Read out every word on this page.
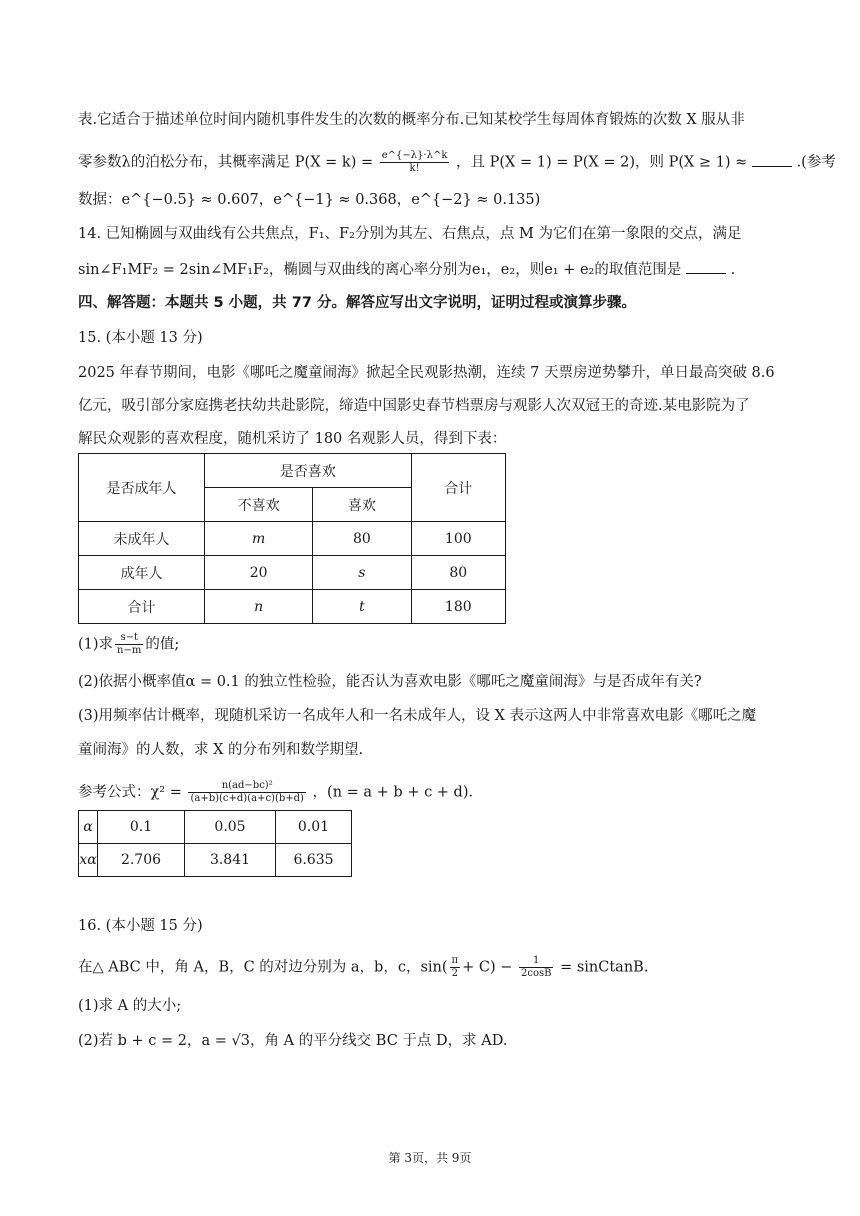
表.它适合于描述单位时间内随机事件发生的次数的概率分布.已知某校学生每周体育锻炼的次数 X 服从非
零参数λ的泊松分布，其概率满足 $P(X = k) = \frac{e\^{}\{-\lambda\}\cdot\lambda\^{}k}{k!}$ ，且 P(X = 1) = P(X = 2)，则 P(X ≥ 1) ≈	.(参考
数据：e^{−0.5} ≈ 0.607，e^{−1} ≈ 0.368，e^{−2} ≈ 0.135)
14. 已知椭圆与双曲线有公共焦点，F₁、F₂分别为其左、右焦点，点 M 为它们在第一象限的交点，满足
sin∠F₁MF₂ = 2sin∠MF₁F₂，椭圆与双曲线的离心率分别为e₁，e₂，则e₁ + e₂的取值范围是	.
四、解答题：本题共 5 小题，共 77 分。解答应写出文字说明，证明过程或演算步骤。
15. (本小题 13 分)
2025 年春节期间，电影《哪吒之魔童闹海》掀起全民观影热潮，连续 7 天票房逆势攀升，单日最高突破 8.6
亿元，吸引部分家庭携老扶幼共赴影院，缔造中国影史春节档票房与观影人次双冠王的奇迹.某电影院为了
解民众观影的喜欢程度，随机采访了 180 名观影人员，得到下表：
是否成年人	是否喜欢		合计
	不喜欢	喜欢	
未成年人	m	80	100
成年人	20	s	80
合计	n	t	180
(1)求 $\frac{s-t}{n-m}$ 的值;
(2)依据小概率值α = 0.1 的独立性检验，能否认为喜欢电影《哪吒之魔童闹海》与是否成年有关?
(3)用频率估计概率，现随机采访一名成年人和一名未成年人，设 X 表示这两人中非常喜欢电影《哪吒之魔
童闹海》的人数，求 X 的分布列和数学期望.
参考公式：$\chi^2 = \frac{\text{n(ad−bc)²}}{(a+b)(c+d)(a+c)(b+d)}$ ，(n = a + b + c + d).
α	0.1	0.05	0.01
xα	2.706	3.841	6.635
16. (本小题 15 分)
在△ ABC 中，角 A，B，C 的对边分别为 a，b，c，$\sin( \frac{\pi}{2} + C) - \frac{1}{2\cos B}$ = sinCtanB.
(1)求 A 的大小;
(2)若 b + c = 2，a = √3，角 A 的平分线交 BC 于点 D，求 AD.
第 3页，共 9页
